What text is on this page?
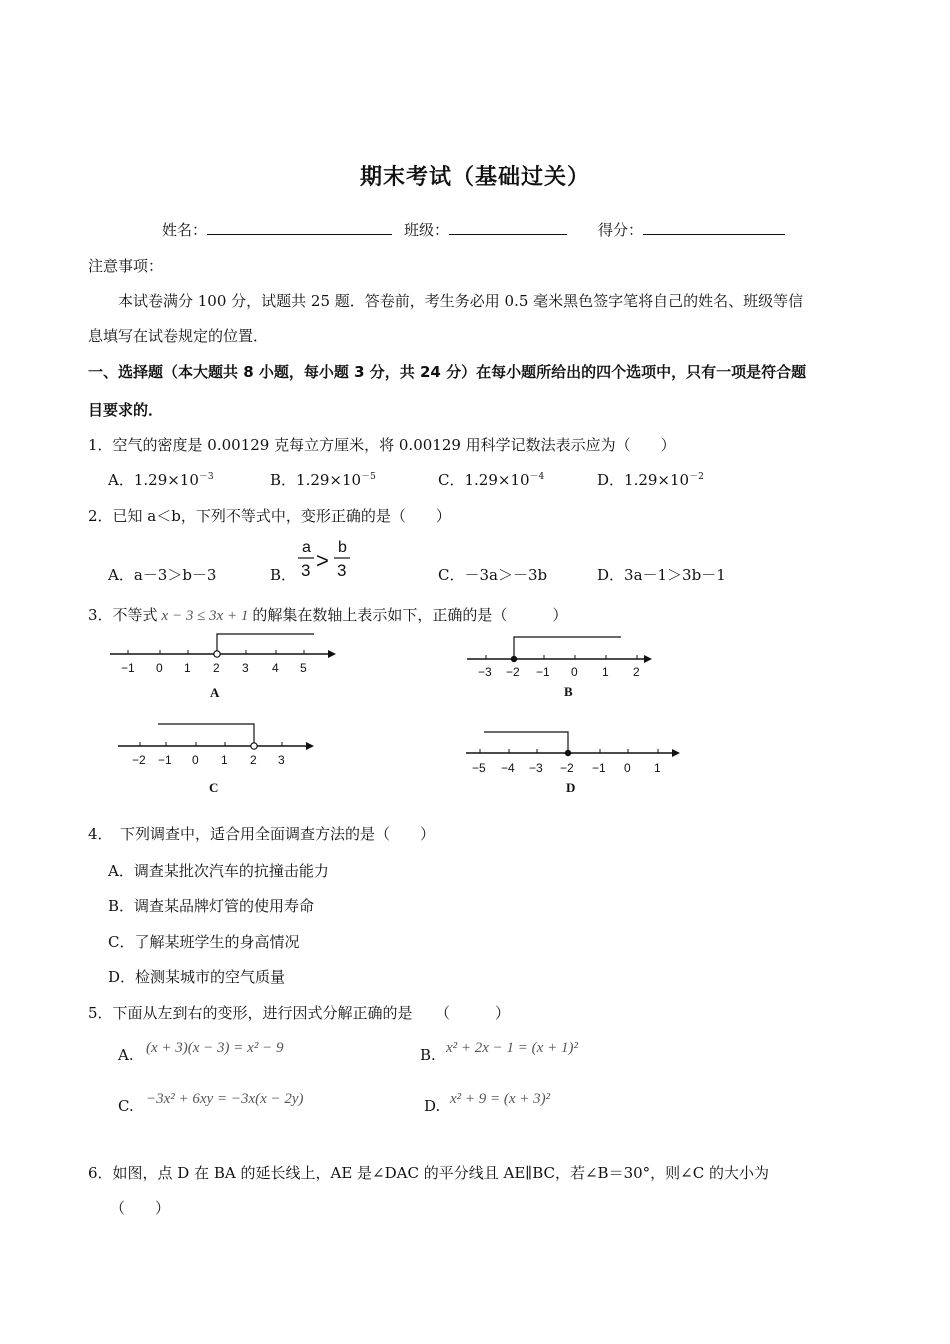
期末考试（基础过关）
姓名：	班级：	得分：
注意事项：
本试卷满分 100 分，试题共 25 题．答卷前，考生务必用 0.5 毫米黑色签字笔将自己的姓名、班级等信
息填写在试卷规定的位置．
一、选择题（本大题共 8 小题，每小题 3 分，共 24 分）在每小题所给出的四个选项中，只有一项是符合题
目要求的．
1．空气的密度是 0.00129 克每立方厘米，将 0.00129 用科学记数法表示应为（　　）
A．$1.29\times 10^{-3}$	B．$1.29\times 10^{-5}$	C．$1.29\times 10^{-4}$	D．$1.29\times 10^{-2}$
2．已知 a＜b，下列不等式中，变形正确的是（　　）
A．a－3＞b－3	B．
a
3 >
b
3	C．－3a＞－3b	D．3a－1＞3b－1
3．不等式 x − 3 ≤ 3x + 1 的解集在数轴上表示如下，正确的是（　　　）
−1 0 1 2 3 4 5
A
−3 −2 −1 0 1 2
B
−2 −1 0 1 2 3
C
−5 −4 −3 −2 −1 0 1
D
4．　下列调查中，适合用全面调查方法的是（　　）
A．调查某批次汽车的抗撞击能力
B．调查某品牌灯管的使用寿命
C．了解某班学生的身高情况
D．检测某城市的空气质量
5．下面从左到右的变形，进行因式分解正确的是　　（　　　）
A. (x + 3)(x − 3) = x² − 9	B. x² + 2x − 1 = (x + 1)²
C. −3x² + 6xy = −3x(x − 2y)	D. x² + 9 = (x + 3)²
6．如图，点 D 在 BA 的延长线上，AE 是∠DAC 的平分线且 AE∥BC，若∠B＝30°，则∠C 的大小为
（　　）
